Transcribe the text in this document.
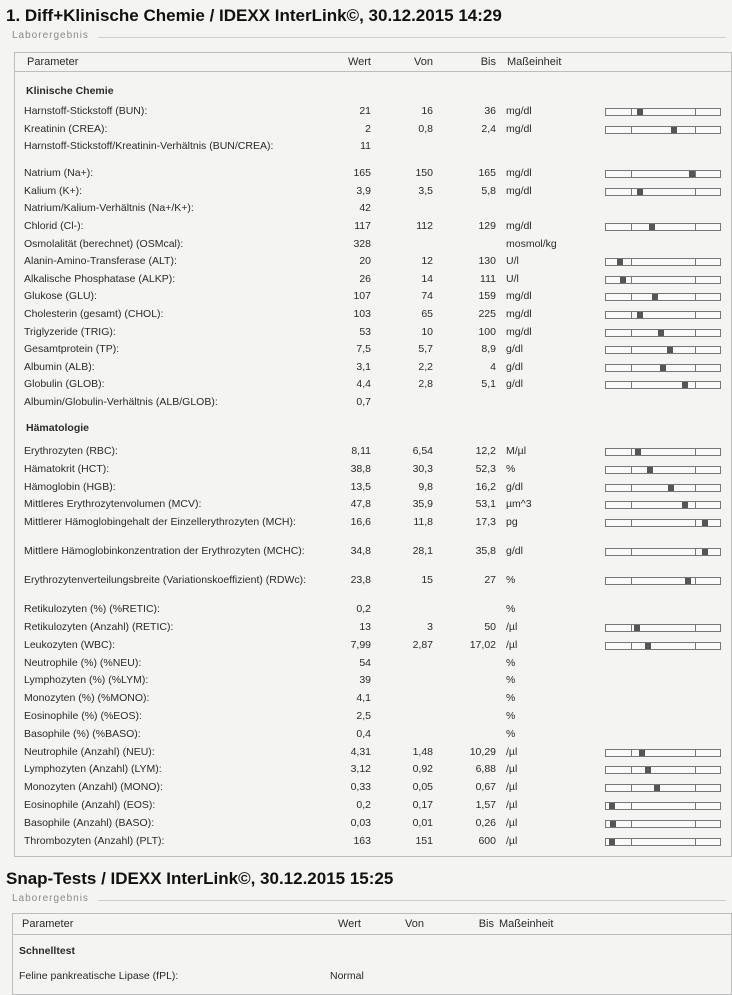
1. Diff+Klinische Chemie / IDEXX InterLink©, 30.12.2015 14:29
Laborergebnis
Parameter	Wert	Von	Bis Maßeinheit
Klinische Chemie
Harnstoff-Stickstoff (BUN):	21	16	36 mg/dl
Kreatinin (CREA):	2	0,8	2,4 mg/dl
Harnstoff-Stickstoff/Kreatinin-Verhältnis (BUN/CREA):	11
Natrium (Na+):	165	150	165 mg/dl
Kalium (K+):	3,9	3,5	5,8 mg/dl
Natrium/Kalium-Verhältnis (Na+/K+):	42
Chlorid (Cl-):	117	112	129 mg/dl
Osmolalität (berechnet) (OSMcal):	328	mosmol/kg
Alanin-Amino-Transferase (ALT):	20	12	130 U/l
Alkalische Phosphatase (ALKP):	26	14	111 U/l
Glukose (GLU):	107	74	159 mg/dl
Cholesterin (gesamt) (CHOL):	103	65	225 mg/dl
Triglyzeride (TRIG):	53	10	100 mg/dl
Gesamtprotein (TP):	7,5	5,7	8,9 g/dl
Albumin (ALB):	3,1	2,2	4 g/dl
Globulin (GLOB):	4,4	2,8	5,1 g/dl
Albumin/Globulin-Verhältnis (ALB/GLOB):	0,7
Hämatologie
Erythrozyten (RBC):	8,11	6,54	12,2 M/µl
Hämatokrit (HCT):	38,8	30,3	52,3 %
Hämoglobin (HGB):	13,5	9,8	16,2 g/dl
Mittleres Erythrozytenvolumen (MCV):	47,8	35,9	53,1 µm^3
Mittlerer Hämoglobingehalt der Einzellerythrozyten (MCH):	16,6	11,8	17,3 pg
Mittlere Hämoglobinkonzentration der Erythrozyten (MCHC):	34,8	28,1	35,8 g/dl
Erythrozytenverteilungsbreite (Variationskoeffizient) (RDWc):	23,8	15	27 %
Retikulozyten (%) (%RETIC):	0,2	%
Retikulozyten (Anzahl) (RETIC):	13	3	50 /µl
Leukozyten (WBC):	7,99	2,87	17,02 /µl
Neutrophile (%) (%NEU):	54	%
Lymphozyten (%) (%LYM):	39	%
Monozyten (%) (%MONO):	4,1	%
Eosinophile (%) (%EOS):	2,5	%
Basophile (%) (%BASO):	0,4	%
Neutrophile (Anzahl) (NEU):	4,31	1,48	10,29 /µl
Lymphozyten (Anzahl) (LYM):	3,12	0,92	6,88 /µl
Monozyten (Anzahl) (MONO):	0,33	0,05	0,67 /µl
Eosinophile (Anzahl) (EOS):	0,2	0,17	1,57 /µl
Basophile (Anzahl) (BASO):	0,03	0,01	0,26 /µl
Thrombozyten (Anzahl) (PLT):	163	151	600 /µl
Snap-Tests / IDEXX InterLink©, 30.12.2015 15:25
Laborergebnis
Parameter	Wert	Von	Bis Maßeinheit
Schnelltest
Feline pankreatische Lipase (fPL):	Normal
